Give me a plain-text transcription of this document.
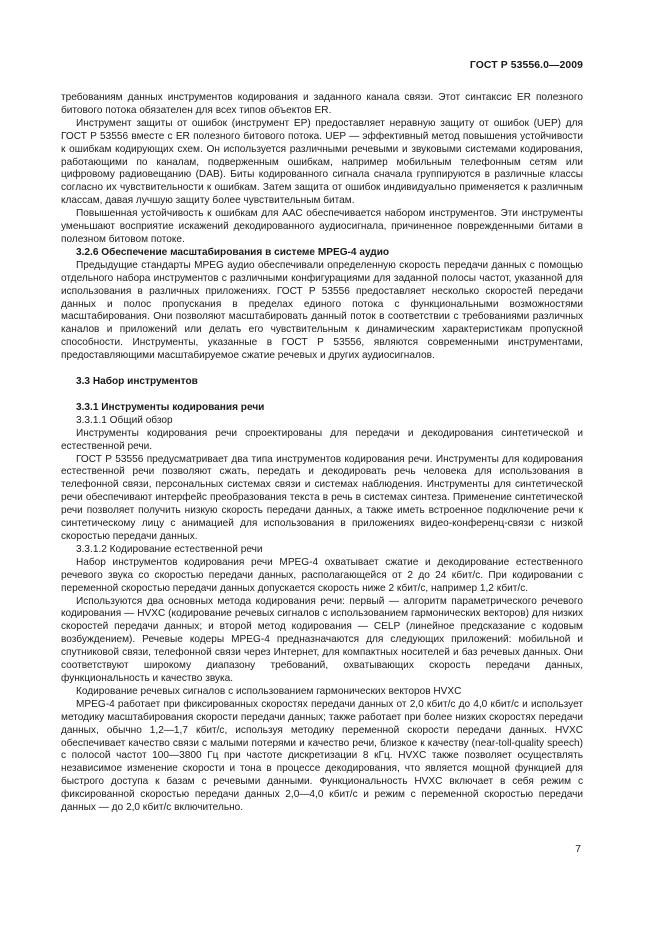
ГОСТ Р 53556.0—2009

требованиям данных инструментов кодирования и заданного канала связи. Этот синтаксис ER полезного битового потока обязателен для всех типов объектов ER.

Инструмент защиты от ошибок (инструмент ЕР) предоставляет неравную защиту от ошибок (UEP) для ГОСТ Р 53556 вместе с ER полезного битового потока. UEP — эффективный метод повышения устойчивости к ошибкам кодирующих схем. Он используется различными речевыми и звуковыми системами кодирования, работающими по каналам, подверженным ошибкам, например мобильным телефонным сетям или цифровому радиовещанию (DAB). Биты кодированного сигнала сначала группируются в различные классы согласно их чувствительности к ошибкам. Затем защита от ошибок индивидуально применяется к различным классам, давая лучшую защиту более чувствительным битам.

Повышенная устойчивость к ошибкам для ААС обеспечивается набором инструментов. Эти инструменты уменьшают восприятие искажений декодированного аудиосигнала, причиненное поврежденными битами в полезном битовом потоке.

3.2.6 Обеспечение масштабирования в системе MPEG-4 аудио

Предыдущие стандарты MPEG аудио обеспечивали определенную скорость передачи данных с помощью отдельного набора инструментов с различными конфигурациями для заданной полосы частот, указанной для использования в различных приложениях. ГОСТ Р 53556 предоставляет несколько скоростей передачи данных и полос пропускания в пределах единого потока с функциональными возможностями масштабирования. Они позволяют масштабировать данный поток в соответствии с требованиями различных каналов и приложений или делать его чувствительным к динамическим характеристикам пропускной способности. Инструменты, указанные в ГОСТ Р 53556, являются современными инструментами, предоставляющими масштабируемое сжатие речевых и других аудиосигналов.

3.3 Набор инструментов

3.3.1 Инструменты кодирования речи

3.3.1.1 Общий обзор

Инструменты кодирования речи спроектированы для передачи и декодирования синтетической и естественной речи.

ГОСТ Р 53556 предусматривает два типа инструментов кодирования речи. Инструменты для кодирования естественной речи позволяют сжать, передать и декодировать речь человека для использования в телефонной связи, персональных системах связи и системах наблюдения. Инструменты для синтетической речи обеспечивают интерфейс преобразования текста в речь в системах синтеза. Применение синтетической речи позволяет получить низкую скорость передачи данных, а также иметь встроенное подключение речи к синтетическому лицу с анимацией для использования в приложениях видео-конференц-связи с низкой скоростью передачи данных.

3.3.1.2 Кодирование естественной речи

Набор инструментов кодирования речи MPEG-4 охватывает сжатие и декодирование естественного речевого звука со скоростью передачи данных, располагающейся от 2 до 24 кбит/с. При кодировании с переменной скоростью передачи данных допускается скорость ниже 2 кбит/с, например 1,2 кбит/с.

Используются два основных метода кодирования речи: первый — алгоритм параметрического речевого кодирования — HVXC (кодирование речевых сигналов с использованием гармонических векторов) для низких скоростей передачи данных; и второй метод кодирования — CELP (линейное предсказание с кодовым возбуждением). Речевые кодеры MPEG-4 предназначаются для следующих приложений: мобильной и спутниковой связи, телефонной связи через Интернет, для компактных носителей и баз речевых данных. Они соответствуют широкому диапазону требований, охватывающих скорость передачи данных, функциональность и качество звука.

Кодирование речевых сигналов с использованием гармонических векторов HVXC

MPEG-4 работает при фиксированных скоростях передачи данных от 2,0 кбит/с до 4,0 кбит/с и использует методику масштабирования скорости передачи данных; также работает при более низких скоростях передачи данных, обычно 1,2—1,7 кбит/с, используя методику переменной скорости передачи данных. HVXC обеспечивает качество связи с малыми потерями и качество речи, близкое к качеству (near-toll-quality speech) с полосой частот 100—3800 Гц при частоте дискретизации 8 кГц. HVXC также позволяет осуществлять независимое изменение скорости и тона в процессе декодирования, что является мощной функцией для быстрого доступа к базам с речевыми данными. Функциональность HVXC включает в себя режим с фиксированной скоростью передачи данных 2,0—4,0 кбит/с и режим с переменной скоростью передачи данных — до 2,0 кбит/с включительно.

7
